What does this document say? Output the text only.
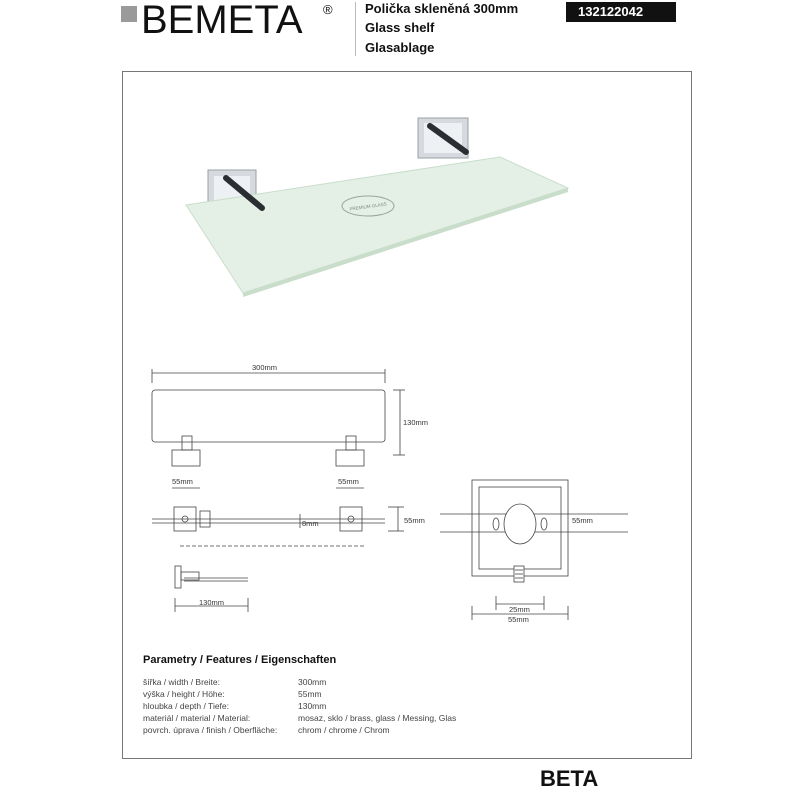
BEMETA ® Polička skleněná 300mm
Glass shelf
Glasablage
132122042
PREMIUM GLASS
300mm
130mm
55mm	55mm
8mm	55mm
130mm
55mm
25mm
55mm
Parametry / Features / Eigenschaften
šířka / width / Breite:	300mm
výška / height / Höhe:	55mm
hloubka / depth / Tiefe:	130mm
materiál / material / Material:	mosaz, sklo / brass, glass / Messing, Glas
povrch. úprava / finish / Oberfläche: chrom / chrome / Chrom
BETA
